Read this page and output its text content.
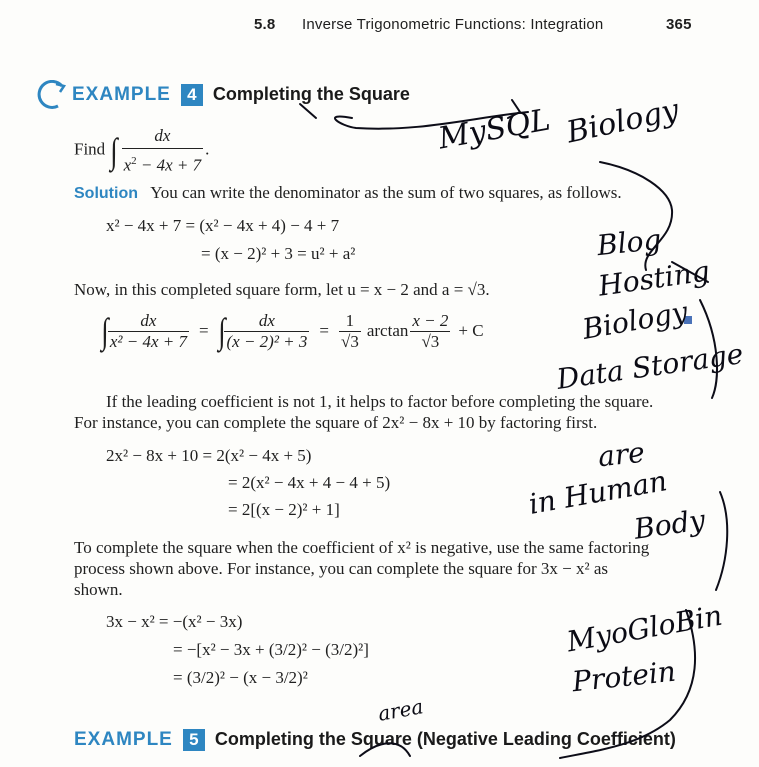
5.8 Inverse Trigonometric Functions: Integration	365
EXAMPLE 4 Completing the Square
Find ∫ $\frac{dx}{x^2 - 4x + 7}$ .
Solution You can write the denominator as the sum of two squares, as follows.
x² − 4x + 7 = (x² − 4x + 4) − 4 + 7
= (x − 2)² + 3 = u² + a²
Now, in this completed square form, let u = x − 2 and a = √3.
∫ $\frac{dx}{\text{x² − 4x + 7}}$ = ∫ $\frac{dx}{\text{(x − 2)² + 3}} = \frac{1}{√3}$ $\arctan \frac{x - 2}{√3} + C$
If the leading coefficient is not 1, it helps to factor before completing the square.
For instance, you can complete the square of 2x² − 8x + 10 by factoring first.
2x² − 8x + 10 = 2(x² − 4x + 5)
= 2(x² − 4x + 4 − 4 + 5)
= 2[(x − 2)² + 1]
To complete the square when the coefficient of x² is negative, use the same factoring
process shown above. For instance, you can complete the square for 3x − x² as
shown.
3x − x² = −(x² − 3x)
= −[x² − 3x + (3/2)² − (3/2)²]
= (3/2)² − (x − 3/2)²
EXAMPLE 5 Completing the Square (Negative Leading Coefficient)
MySQL Biology
Blog
Hosting
Biology
Data Storage
are
in Human
Body
MyoGloBin
Protein
area
